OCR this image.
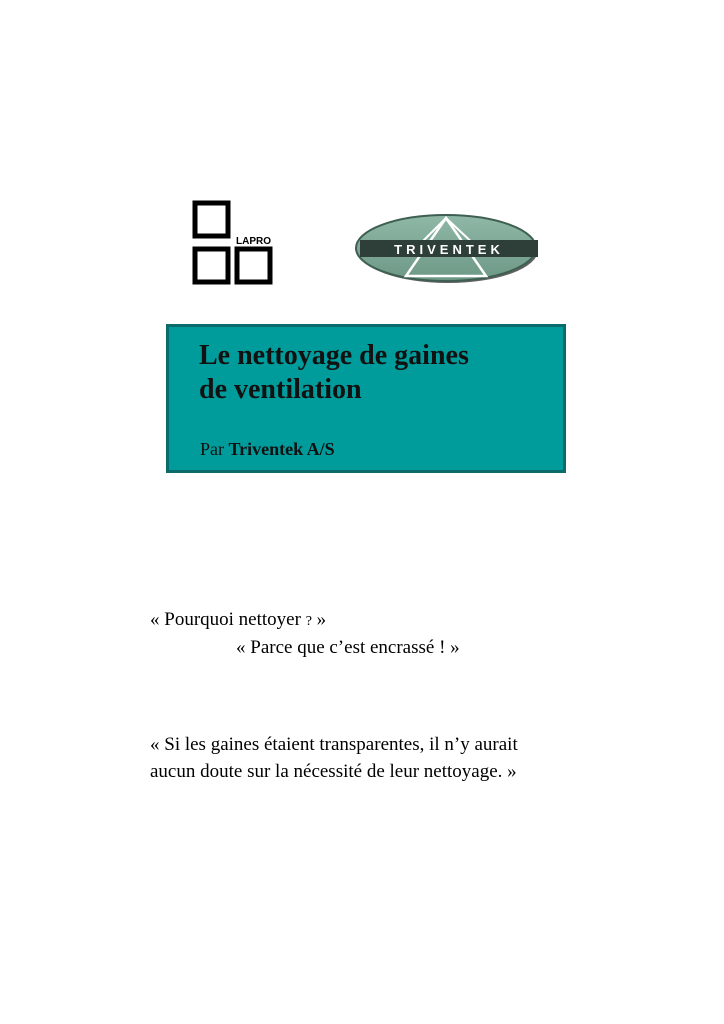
LAPRO
TRIVENTEK
Le nettoyage de gaines
de ventilation
Par Triventek A/S
« Pourquoi nettoyer ? »
« Parce que c’est encrassé ! »
« Si les gaines étaient transparentes, il n’y aurait
aucun doute sur la nécessité de leur nettoyage. »
